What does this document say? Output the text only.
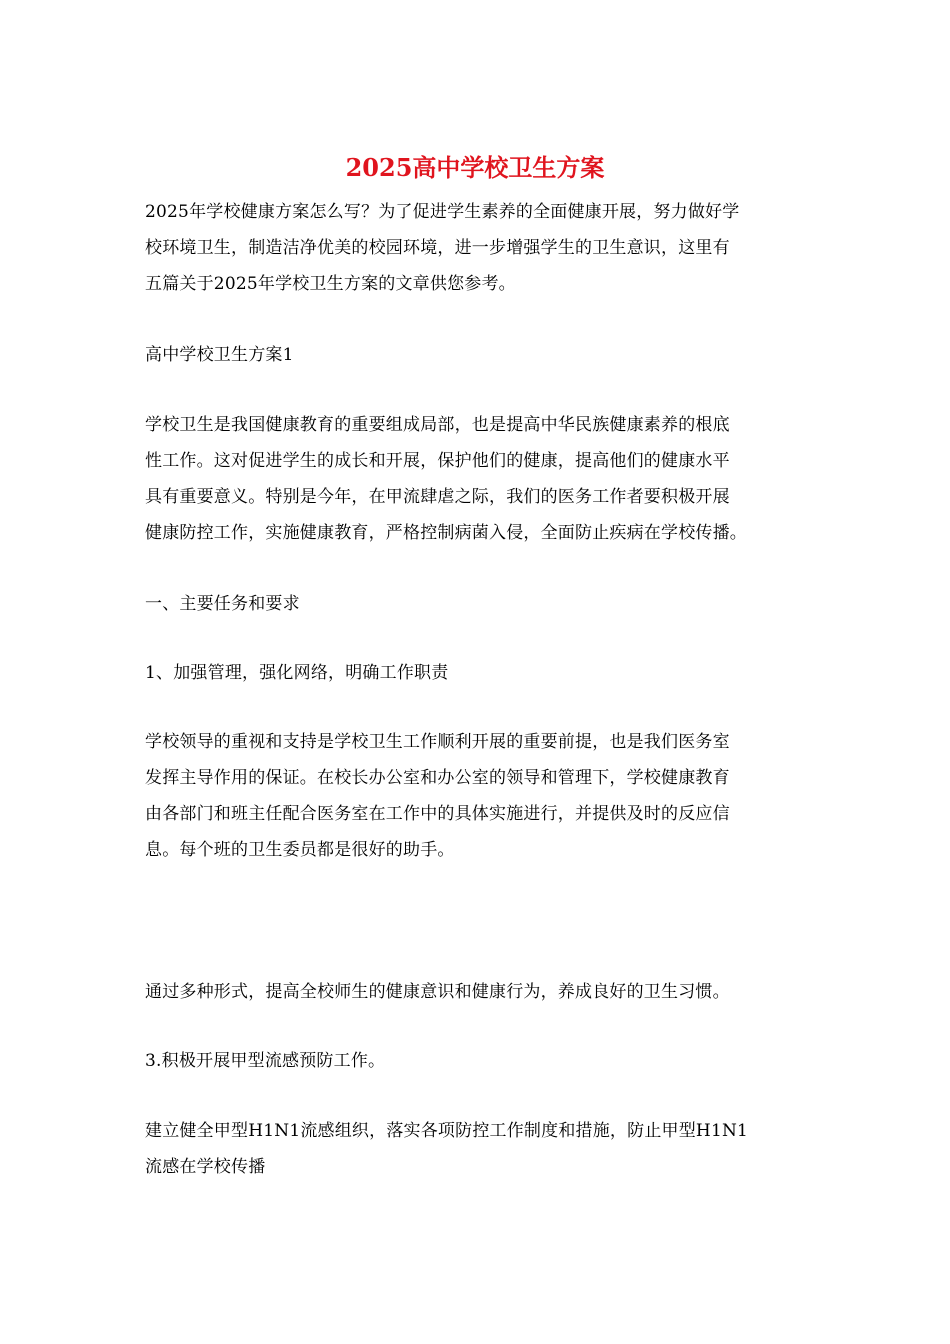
2025高中学校卫生方案

2025年学校健康方案怎么写？为了促进学生素养的全面健康开展，努力做好学
校环境卫生，制造洁净优美的校园环境，进一步增强学生的卫生意识，这里有
五篇关于2025年学校卫生方案的文章供您参考。

高中学校卫生方案1

学校卫生是我国健康教育的重要组成局部，也是提高中华民族健康素养的根底
性工作。这对促进学生的成长和开展，保护他们的健康，提高他们的健康水平
具有重要意义。特别是今年，在甲流肆虐之际，我们的医务工作者要积极开展
健康防控工作，实施健康教育，严格控制病菌入侵，全面防止疾病在学校传播。

一、主要任务和要求

1、加强管理，强化网络，明确工作职责

学校领导的重视和支持是学校卫生工作顺利开展的重要前提，也是我们医务室
发挥主导作用的保证。在校长办公室和办公室的领导和管理下，学校健康教育
由各部门和班主任配合医务室在工作中的具体实施进行，并提供及时的反应信
息。每个班的卫生委员都是很好的助手。

通过多种形式，提高全校师生的健康意识和健康行为，养成良好的卫生习惯。

3.积极开展甲型流感预防工作。

建立健全甲型H1N1流感组织，落实各项防控工作制度和措施，防止甲型H1N1
流感在学校传播
